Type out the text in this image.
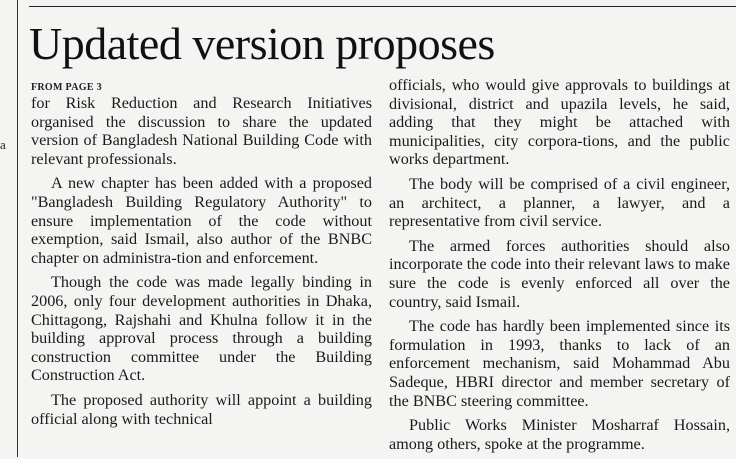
a
Updated version proposes
FROM PAGE 3

for Risk Reduction and Research Initiatives organised the discussion to share the updated version of Bangladesh National Building Code with relevant professionals.

A new chapter has been added with a proposed "Bangladesh Building Regulatory Authority" to ensure implementation of the code without exemption, said Ismail, also author of the BNBC chapter on administra-tion and enforcement.

Though the code was made legally binding in 2006, only four development authorities in Dhaka, Chittagong, Rajshahi and Khulna follow it in the building approval process through a building construction committee under the Building Construction Act.

The proposed authority will appoint a building official along with technical

officials, who would give approvals to buildings at divisional, district and upazila levels, he said, adding that they might be attached with municipalities, city corpora-tions, and the public works department.

The body will be comprised of a civil engineer, an architect, a planner, a lawyer, and a representative from civil service.

The armed forces authorities should also incorporate the code into their relevant laws to make sure the code is evenly enforced all over the country, said Ismail.

The code has hardly been implemented since its formulation in 1993, thanks to lack of an enforcement mechanism, said Mohammad Abu Sadeque, HBRI director and member secretary of the BNBC steering committee.

Public Works Minister Mosharraf Hossain, among others, spoke at the programme.
